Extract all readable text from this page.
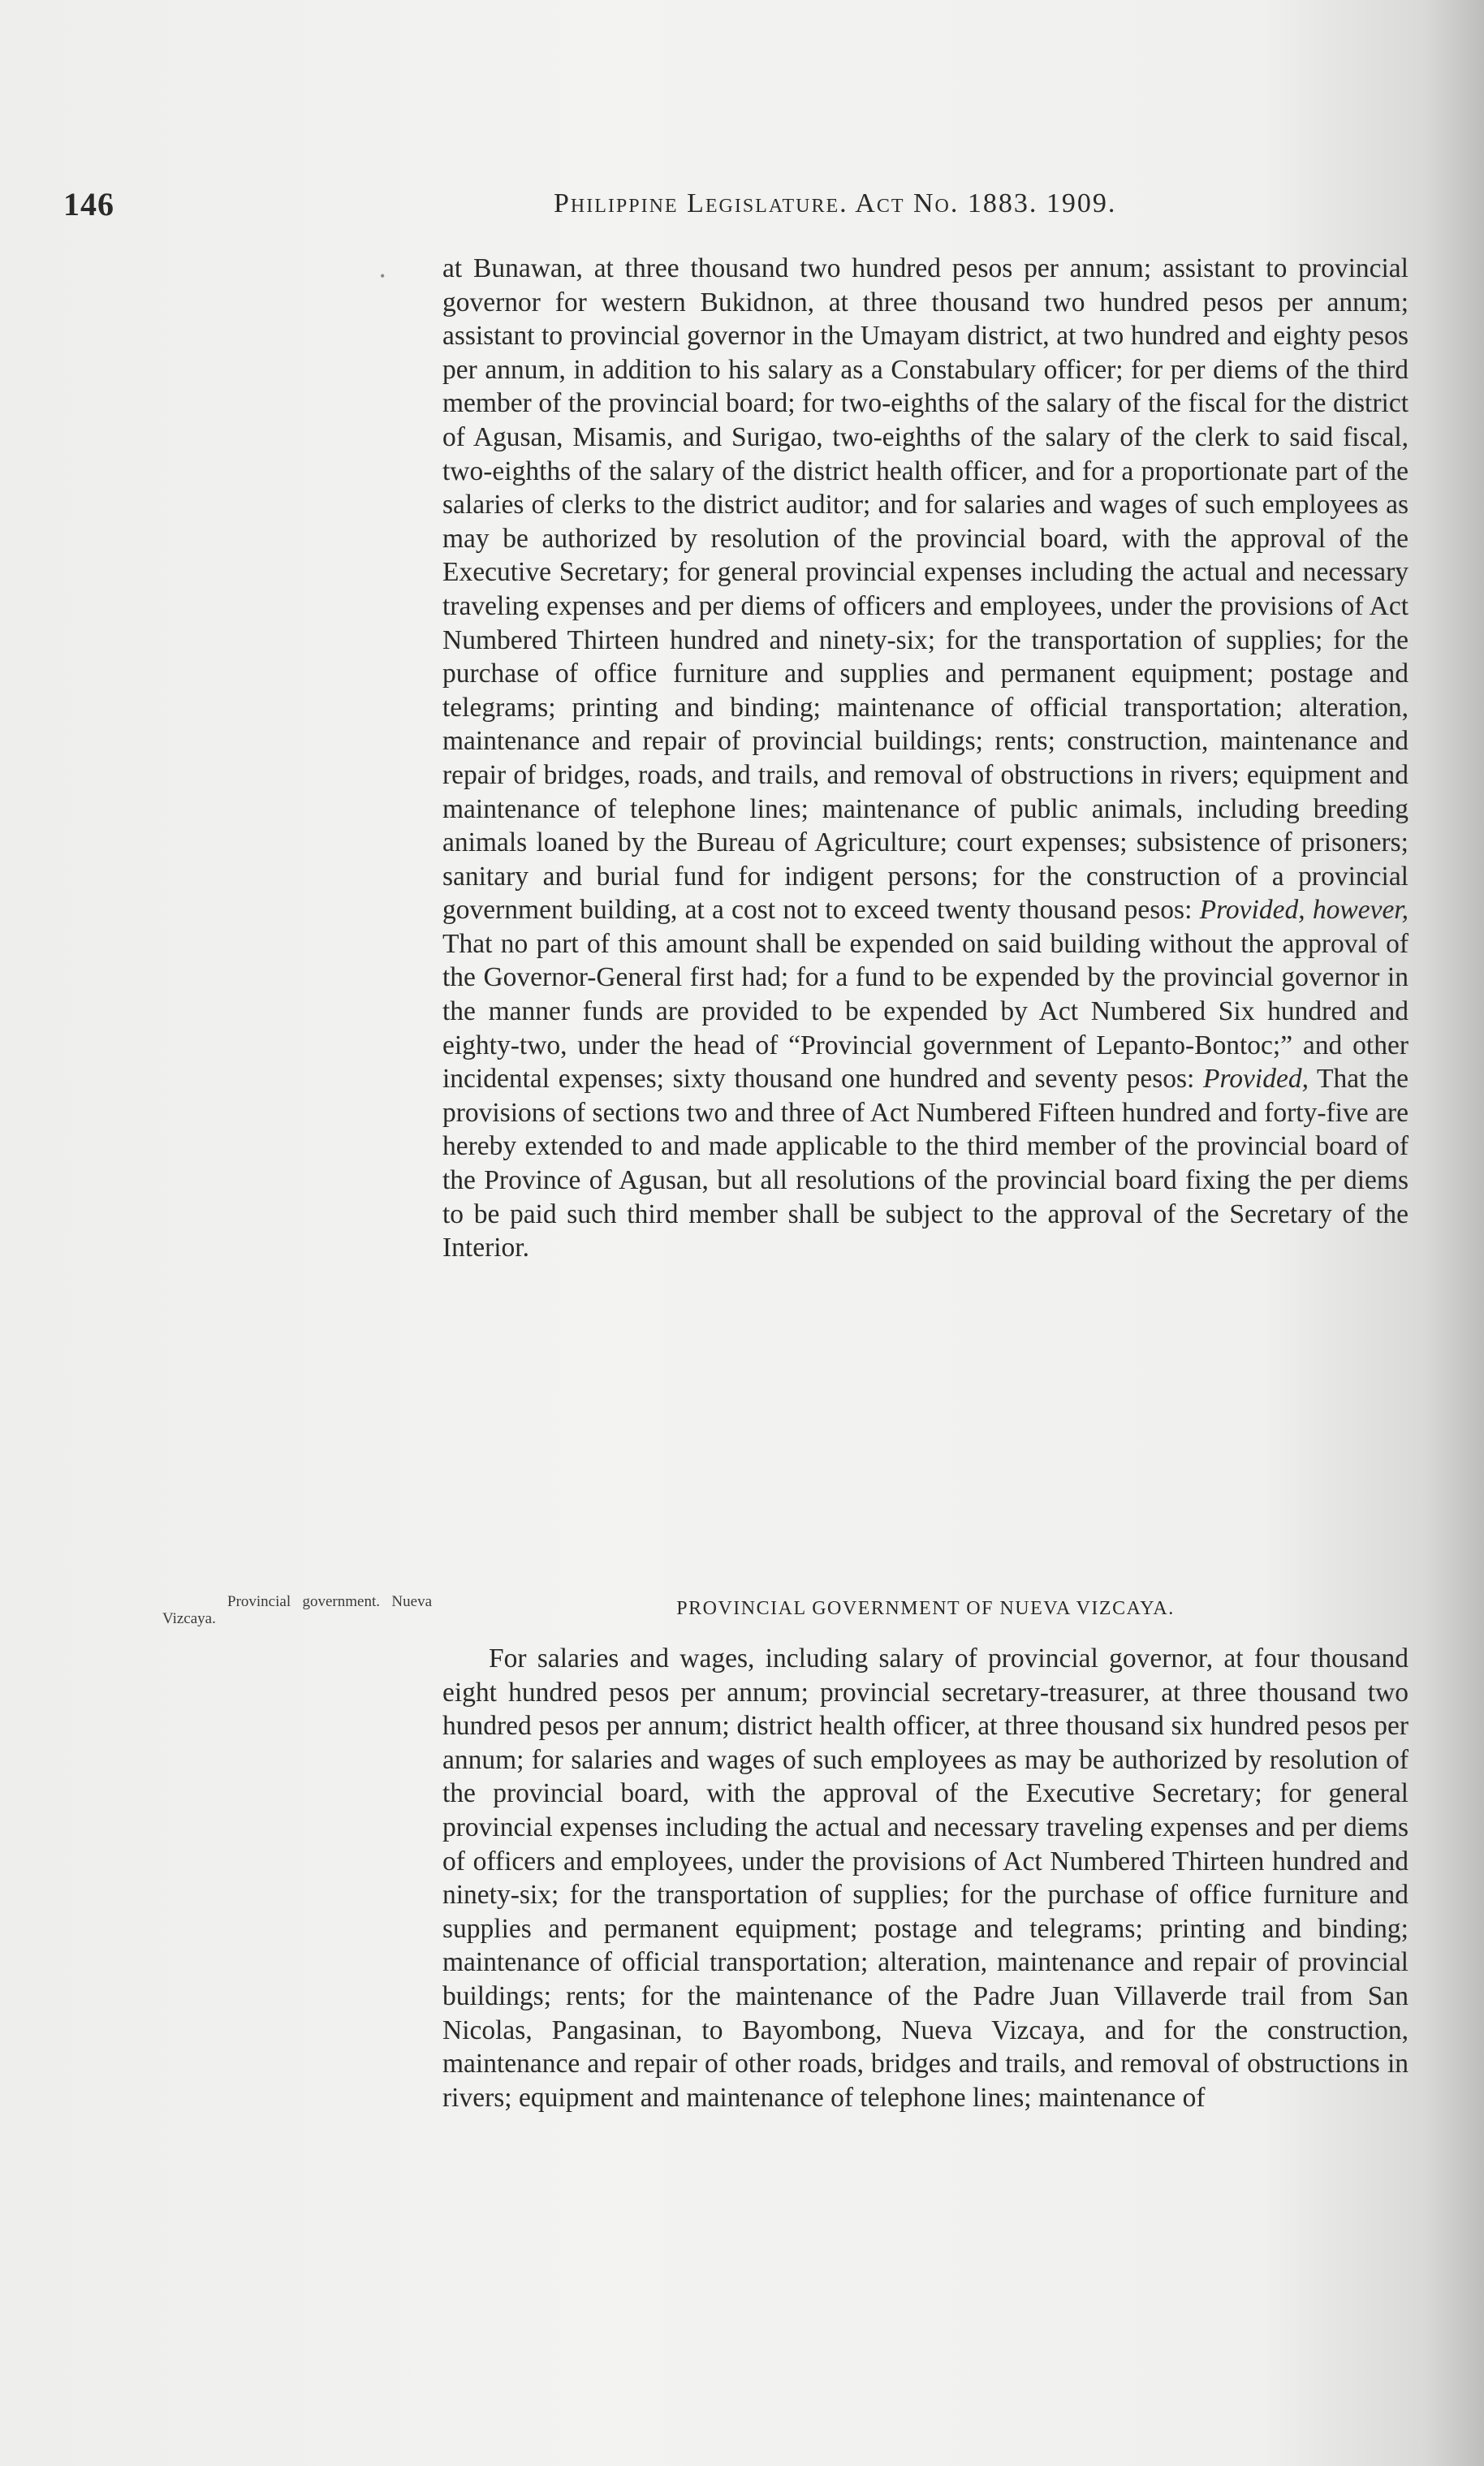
146	Philippine Legislature. Act No. 1883. 1909.
• at Bunawan, at three thousand two hundred pesos per annum; assistant to provincial governor for western Bukidnon, at three thousand two hundred pesos per annum; assistant to provincial governor in the Umayam district, at two hundred and eighty pesos per annum, in addition to his salary as a Constabulary officer; for per diems of the third member of the provincial board; for two-eighths of the salary of the fiscal for the district of Agusan, Misamis, and Surigao, two-eighths of the salary of the clerk to said fiscal, two-eighths of the salary of the district health officer, and for a proportionate part of the salaries of clerks to the district auditor; and for salaries and wages of such employees as may be authorized by resolution of the provincial board, with the approval of the Executive Secretary; for general provincial expenses including the actual and necessary traveling expenses and per diems of officers and employees, under the provisions of Act Numbered Thirteen hundred and ninety-six; for the transportation of supplies; for the purchase of office furniture and supplies and permanent equipment; postage and telegrams; printing and binding; maintenance of official transportation; alteration, maintenance and repair of provincial buildings; rents; construction, maintenance and repair of bridges, roads, and trails, and removal of obstructions in rivers; equipment and maintenance of telephone lines; maintenance of public animals, including breeding animals loaned by the Bureau of Agriculture; court expenses; subsistence of prisoners; sanitary and burial fund for indigent persons; for the construction of a provincial government building, at a cost not to exceed twenty thousand pesos: Provided, however, That no part of this amount shall be expended on said building without the approval of the Governor-General first had; for a fund to be expended by the provincial governor in the manner funds are provided to be expended by Act Numbered Six hundred and eighty-two, under the head of “Provincial government of Lepanto-Bontoc;” and other incidental expenses; sixty thousand one hundred and seventy pesos: Provided, That the provisions of sections two and three of Act Numbered Fifteen hundred and forty-five are hereby extended to and made applicable to the third member of the provincial board of the Province of Agusan, but all resolutions of the provincial board fixing the per diems to be paid such third member shall be subject to the approval of the Secretary of the Interior.

Provincial government. Nueva Vizcaya.	PROVINCIAL GOVERNMENT OF NUEVA VIZCAYA.

For salaries and wages, including salary of provincial governor, at four thousand eight hundred pesos per annum; provincial secretary-treasurer, at three thousand two hundred pesos per annum; district health officer, at three thousand six hundred pesos per annum; for salaries and wages of such employees as may be authorized by resolution of the provincial board, with the approval of the Executive Secretary; for general provincial expenses including the actual and necessary traveling expenses and per diems of officers and employees, under the provisions of Act Numbered Thirteen hundred and ninety-six; for the transportation of supplies; for the purchase of office furniture and supplies and permanent equipment; postage and telegrams; printing and binding; maintenance of official transportation; alteration, maintenance and repair of provincial buildings; rents; for the maintenance of the Padre Juan Villaverde trail from San Nicolas, Pangasinan, to Bayombong, Nueva Vizcaya, and for the construction, maintenance and repair of other roads, bridges and trails, and removal of obstructions in rivers; equipment and maintenance of telephone lines; maintenance of
